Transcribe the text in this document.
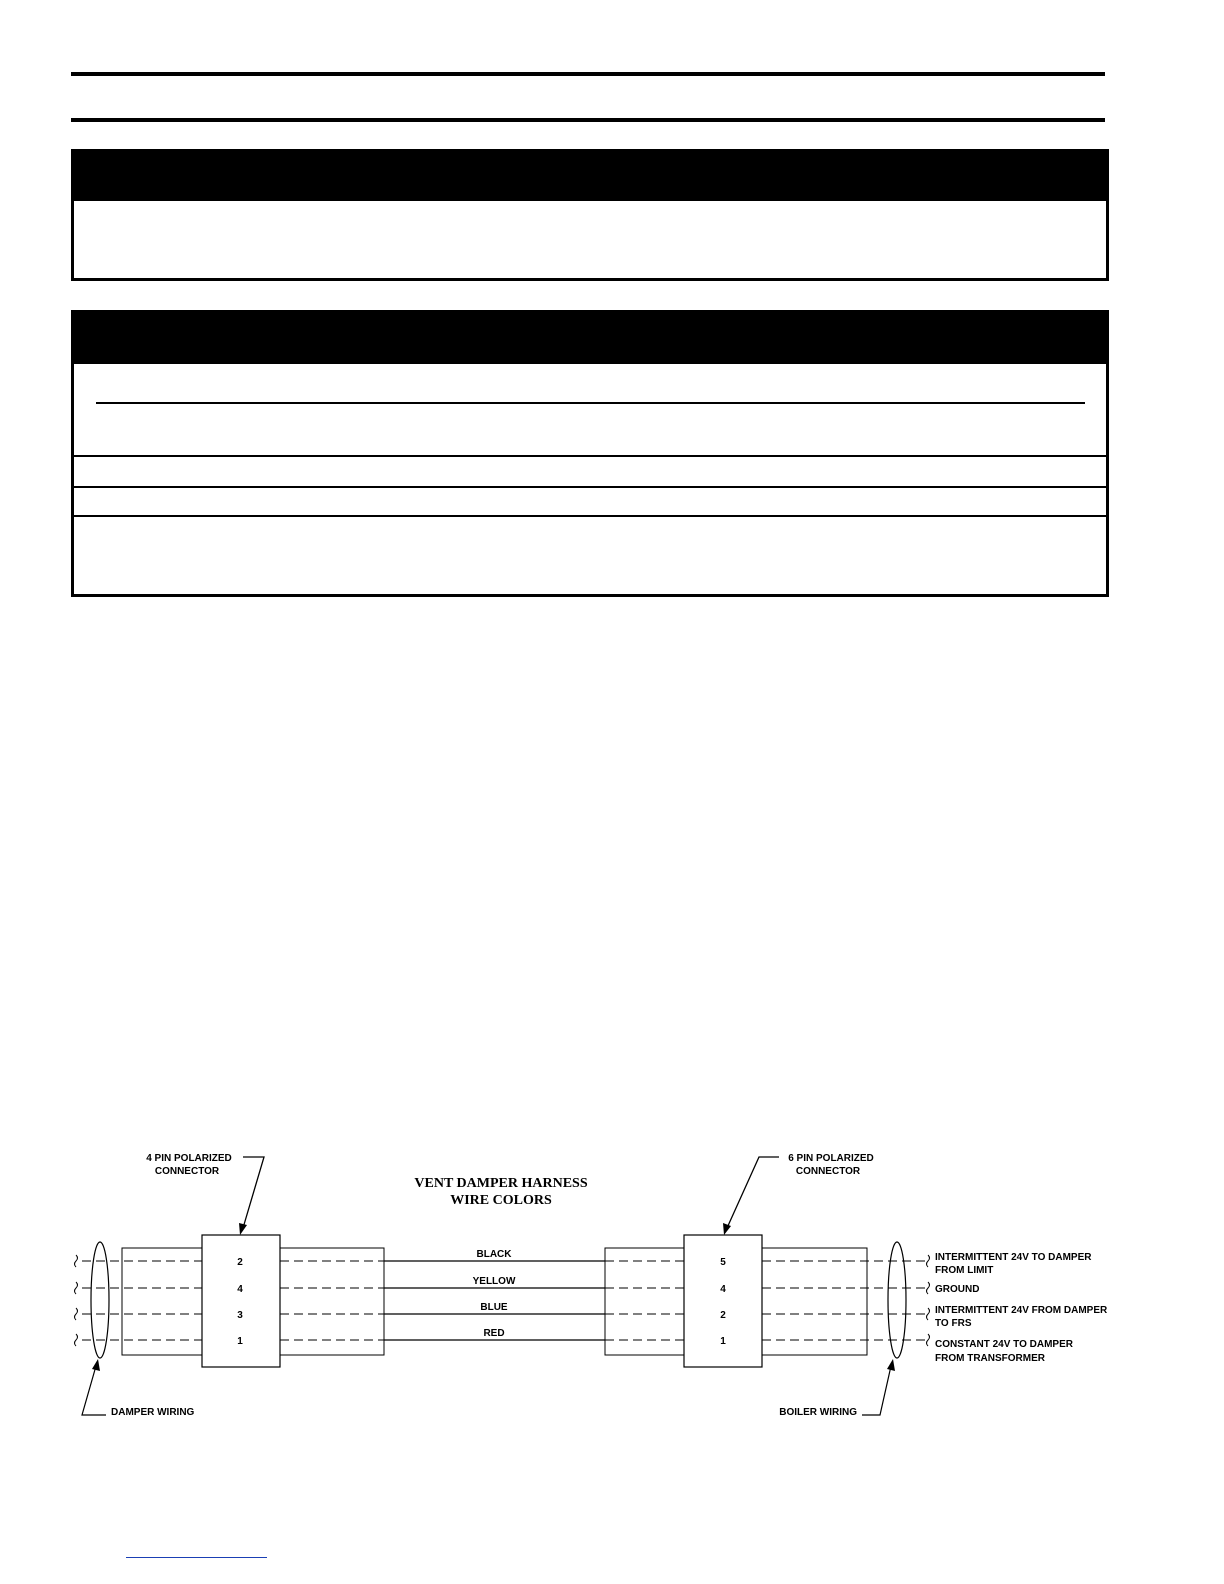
VENT DAMPER HARNESS
WIRE COLORS
4 PIN POLARIZED
CONNECTOR
6 PIN POLARIZED
CONNECTOR
BLACK
YELLOW
BLUE
RED
2
4
3
1
5
4
2
1
DAMPER WIRING	BOILER WIRING
INTERMITTENT 24V TO DAMPER
FROM LIMIT
GROUND
INTERMITTENT 24V FROM DAMPER
TO FRS
CONSTANT 24V TO DAMPER
FROM TRANSFORMER
